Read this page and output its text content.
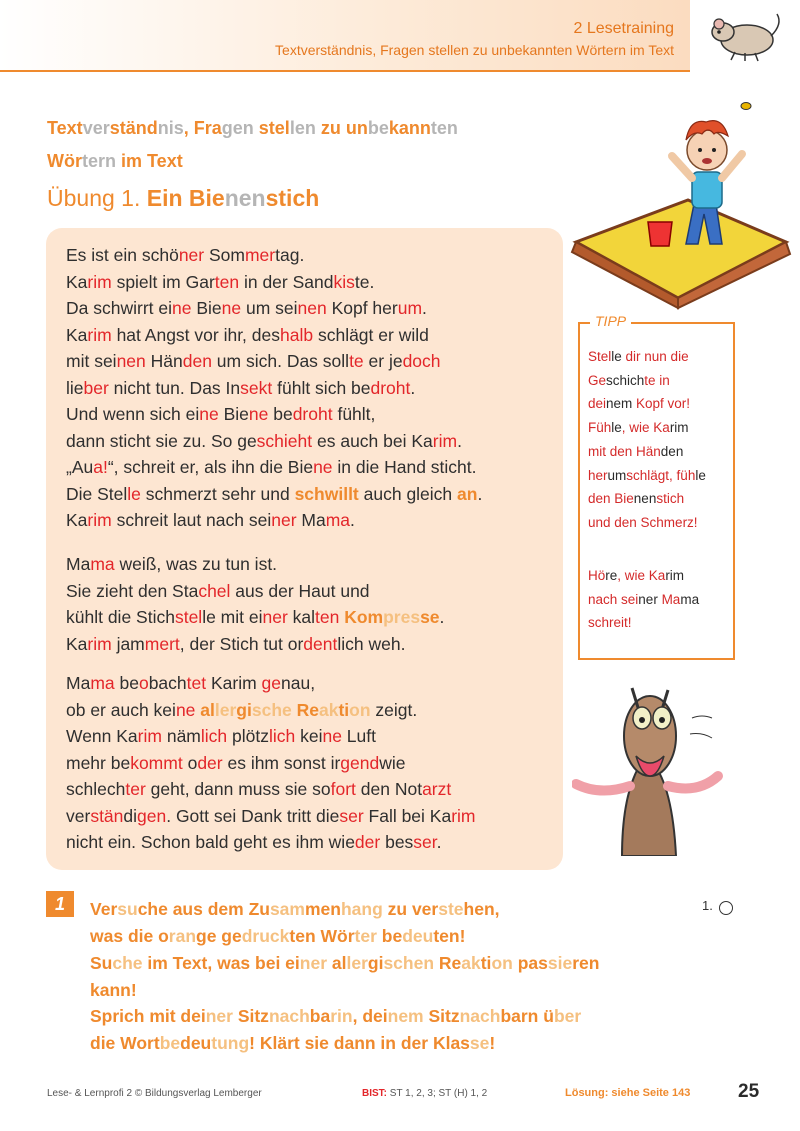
2 Lesetraining
Textverständnis, Fragen stellen zu unbekannten Wörtern im Text
Textverständnis, Fragen stellen zu unbekannten
Wörtern im Text
Übung 1. Ein Bienenstich
Es ist ein schöner Sommertag.
Karim spielt im Garten in der Sandkiste.
Da schwirrt eine Biene um seinen Kopf herum.
Karim hat Angst vor ihr, deshalb schlägt er wild
mit seinen Händen um sich. Das sollte er jedoch
lieber nicht tun. Das Insekt fühlt sich bedroht.
Und wenn sich eine Biene bedroht fühlt,
dann sticht sie zu. So geschieht es auch bei Karim.
„Aua!“, schreit er, als ihn die Biene in die Hand sticht.
Die Stelle schmerzt sehr und schwillt auch gleich an.
Karim schreit laut nach seiner Mama.
Mama weiß, was zu tun ist.
Sie zieht den Stachel aus der Haut und
kühlt die Stichstelle mit einer kalten Kompresse.
Karim jammert, der Stich tut ordentlich weh.
Mama beobachtet Karim genau,
ob er auch keine allergische Reaktion zeigt.
Wenn Karim nämlich plötzlich keine Luft
mehr bekommt oder es ihm sonst irgendwie
schlechter geht, dann muss sie sofort den Notarzt
verständigen. Gott sei Dank tritt dieser Fall bei Karim
nicht ein. Schon bald geht es ihm wieder besser.
TIPP
Stelle dir nun die
Geschichte in
deinem Kopf vor!
Fühle, wie Karim
mit den Händen
herumschlägt, fühle
den Bienenstich
und den Schmerz!
Höre, wie Karim
nach seiner Mama
schreit!
1	Versuche aus dem Zusammenhang zu verstehen,
was die orange gedruckten Wörter bedeuten!
Suche im Text, was bei einer allergischen Reaktion passieren
kann!
Sprich mit deiner Sitznachbarin, deinem Sitznachbarn über
die Wortbedeutung! Klärt sie dann in der Klasse!
1.
Lese- & Lernprofi 2 © Bildungsverlag Lemberger	BIST: ST 1, 2, 3; ST (H) 1, 2	Lösung: siehe Seite 143	25
